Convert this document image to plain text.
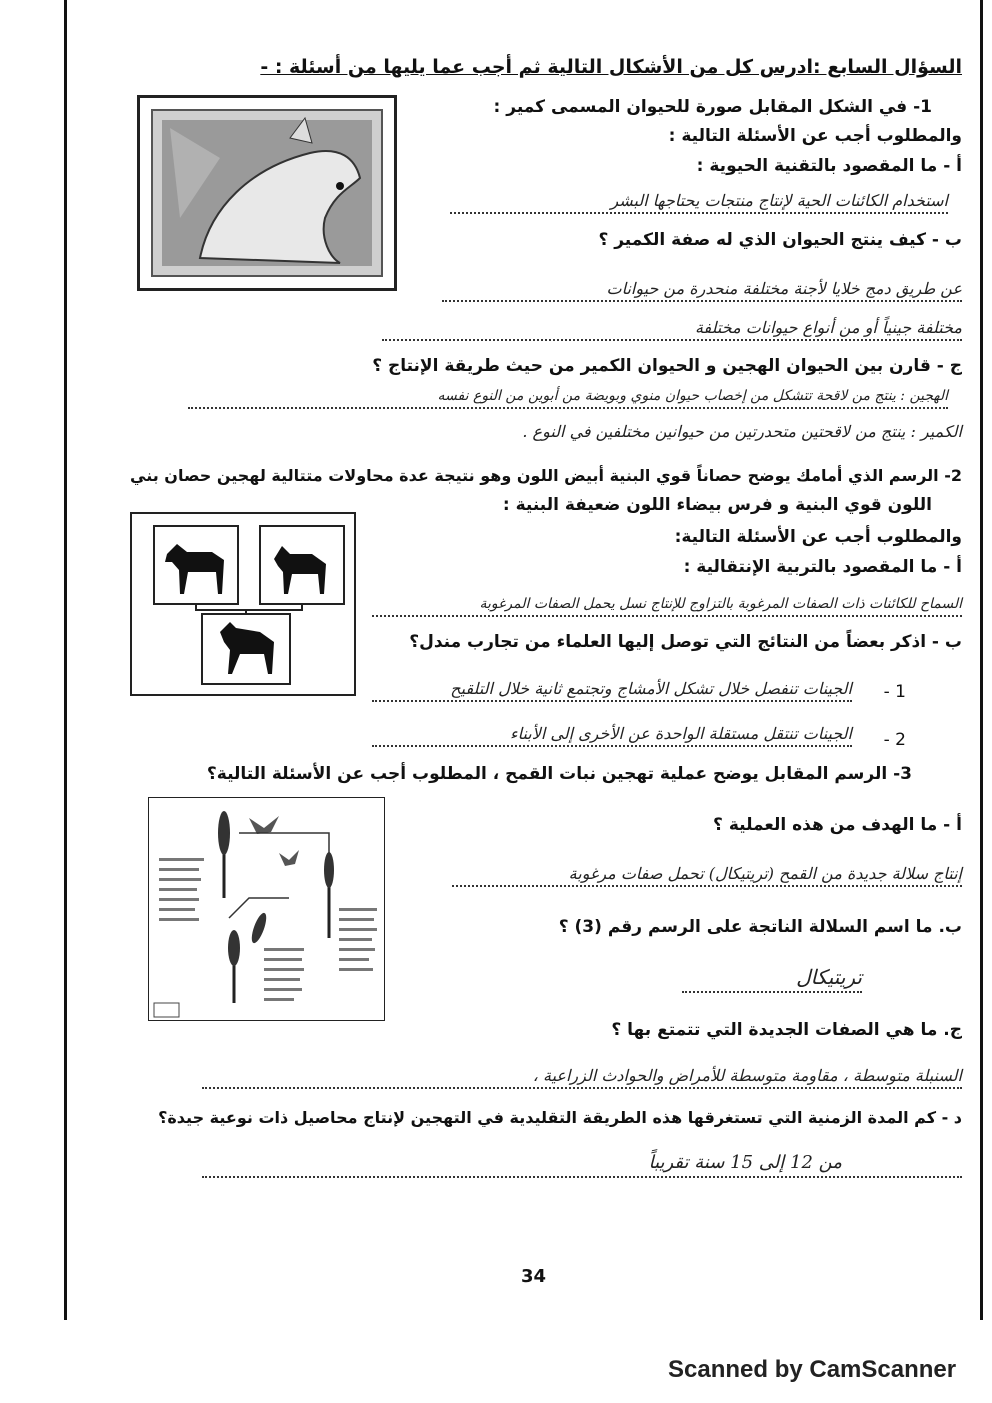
السؤال السابع :ادرس كل من الأشكال التالية ثم أجب عما يليها من أسئلة : -
1- في الشكل المقابل صورة للحيوان المسمى كمير :
والمطلوب أجب عن الأسئلة التالية :
أ - ما المقصود بالتقنية الحيوية :
استخدام الكائنات الحية لإنتاج منتجات يحتاجها البشر
ب - كيف ينتج الحيوان الذي له صفة الكمير ؟
عن طريق دمج خلايا لأجنة مختلفة منحدرة من حيوانات
مختلفة جينياً أو من أنواع حيوانات مختلفة
ج - قارن بين الحيوان الهجين و الحيوان الكمير من حيث طريقة الإنتاج ؟
الهجين : ينتج من لاقحة تتشكل من إخصاب حيوان منوي وبويضة من أبوين من النوع نفسه
الكمير : ينتج من لاقحتين متحدرتين من حيوانين مختلفين في النوع .
2- الرسم الذي أمامك يوضح حصاناً قوي البنية أبيض اللون وهو نتيجة عدة محاولات متتالية لهجين حصان بني
اللون قوي البنية و فرس بيضاء اللون ضعيفة البنية :
والمطلوب أجب عن الأسئلة التالية:
أ - ما المقصود بالتربية الإنتقالية :
السماح للكائنات ذات الصفات المرغوبة بالتزاوج للإنتاج نسل يحمل الصفات المرغوبة
ب - اذكر بعضاً من النتائج التي توصل إليها العلماء من تجارب مندل؟
1 -
الجينات تنفصل خلال تشكل الأمشاج وتجتمع ثانية خلال التلقيح
2 -
الجينات تنتقل مستقلة الواحدة عن الأخرى إلى الأبناء
3- الرسم المقابل يوضح عملية تهجين نبات القمح ، المطلوب أجب عن الأسئلة التالية؟
أ - ما الهدف من هذه العملية ؟
إنتاج سلالة جديدة من القمح (تريتيكال) تحمل صفات مرغوبة
ب. ما اسم السلالة الناتجة على الرسم رقم (3) ؟
تريتيكال
ج. ما هي الصفات الجديدة التي تتمتع بها ؟
السنبلة متوسطة ، مقاومة متوسطة للأمراض والحوادث الزراعية ،
د - كم المدة الزمنية التي تستغرقها هذه الطريقة التقليدية في التهجين لإنتاج محاصيل ذات نوعية جيدة؟
من 12 إلى 15 سنة تقريباً
34
Scanned by CamScanner
